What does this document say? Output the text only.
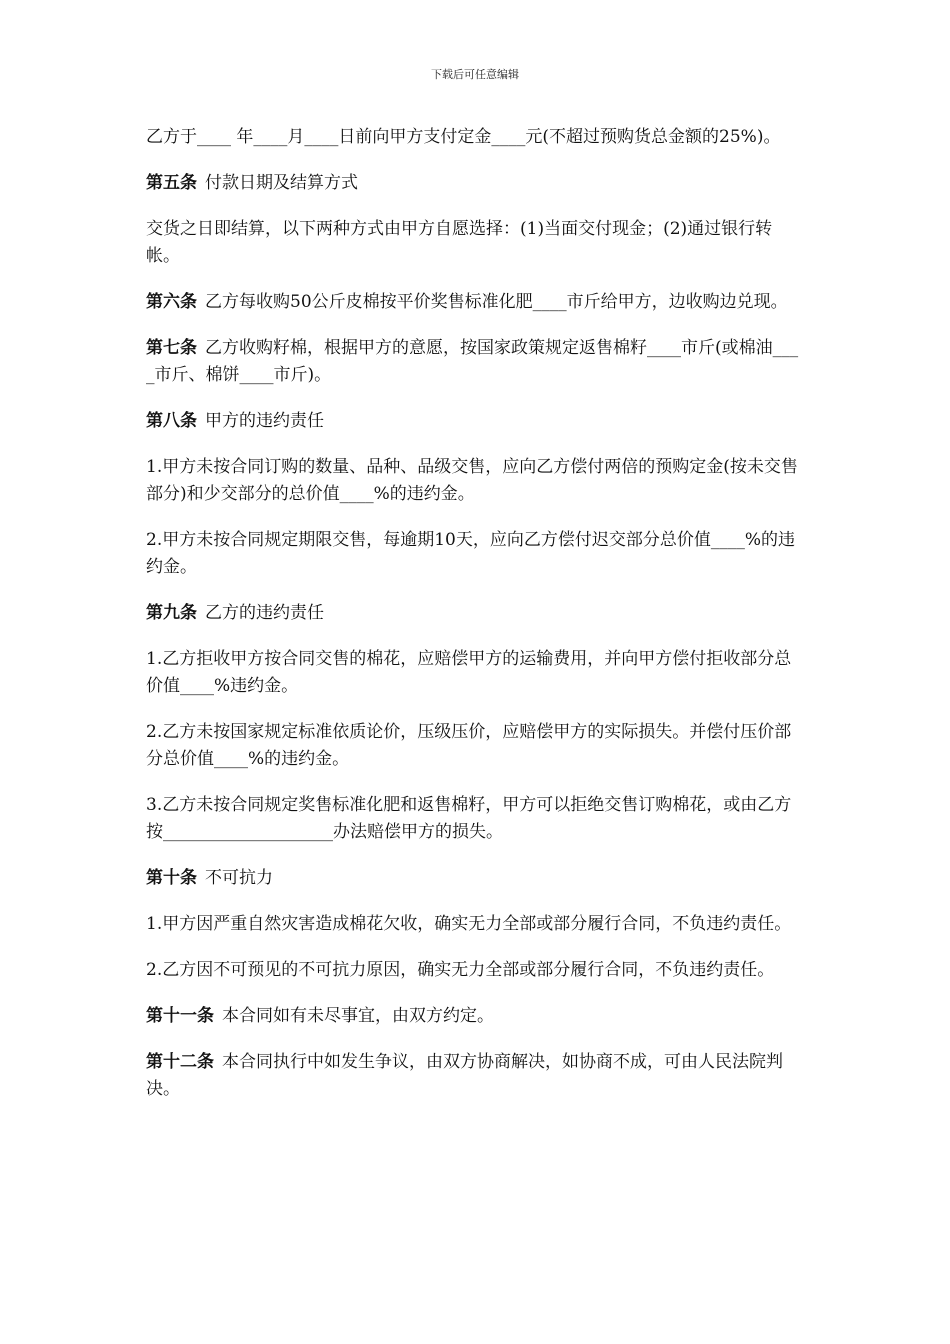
下载后可任意编辑

乙方于____ 年____月____日前向甲方支付定金____元(不超过预购货总金额的25%)。

第五条 付款日期及结算方式

交货之日即结算，以下两种方式由甲方自愿选择：(1)当面交付现金；(2)通过银行转帐。

第六条 乙方每收购50公斤皮棉按平价奖售标准化肥____市斤给甲方，边收购边兑现。

第七条 乙方收购籽棉，根据甲方的意愿，按国家政策规定返售棉籽____市斤(或棉油____市斤、棉饼____市斤)。

第八条 甲方的违约责任

1.甲方未按合同订购的数量、品种、品级交售，应向乙方偿付两倍的预购定金(按未交售部分)和少交部分的总价值____%的违约金。

2.甲方未按合同规定期限交售，每逾期10天，应向乙方偿付迟交部分总价值____%的违约金。

第九条 乙方的违约责任

1.乙方拒收甲方按合同交售的棉花，应赔偿甲方的运输费用，并向甲方偿付拒收部分总价值____%违约金。

2.乙方未按国家规定标准依质论价，压级压价，应赔偿甲方的实际损失。并偿付压价部分总价值____%的违约金。

3.乙方未按合同规定奖售标准化肥和返售棉籽，甲方可以拒绝交售订购棉花，或由乙方按____________________办法赔偿甲方的损失。

第十条 不可抗力

1.甲方因严重自然灾害造成棉花欠收，确实无力全部或部分履行合同，不负违约责任。

2.乙方因不可预见的不可抗力原因，确实无力全部或部分履行合同，不负违约责任。

第十一条 本合同如有未尽事宜，由双方约定。

第十二条 本合同执行中如发生争议，由双方协商解决，如协商不成，可由人民法院判决。
